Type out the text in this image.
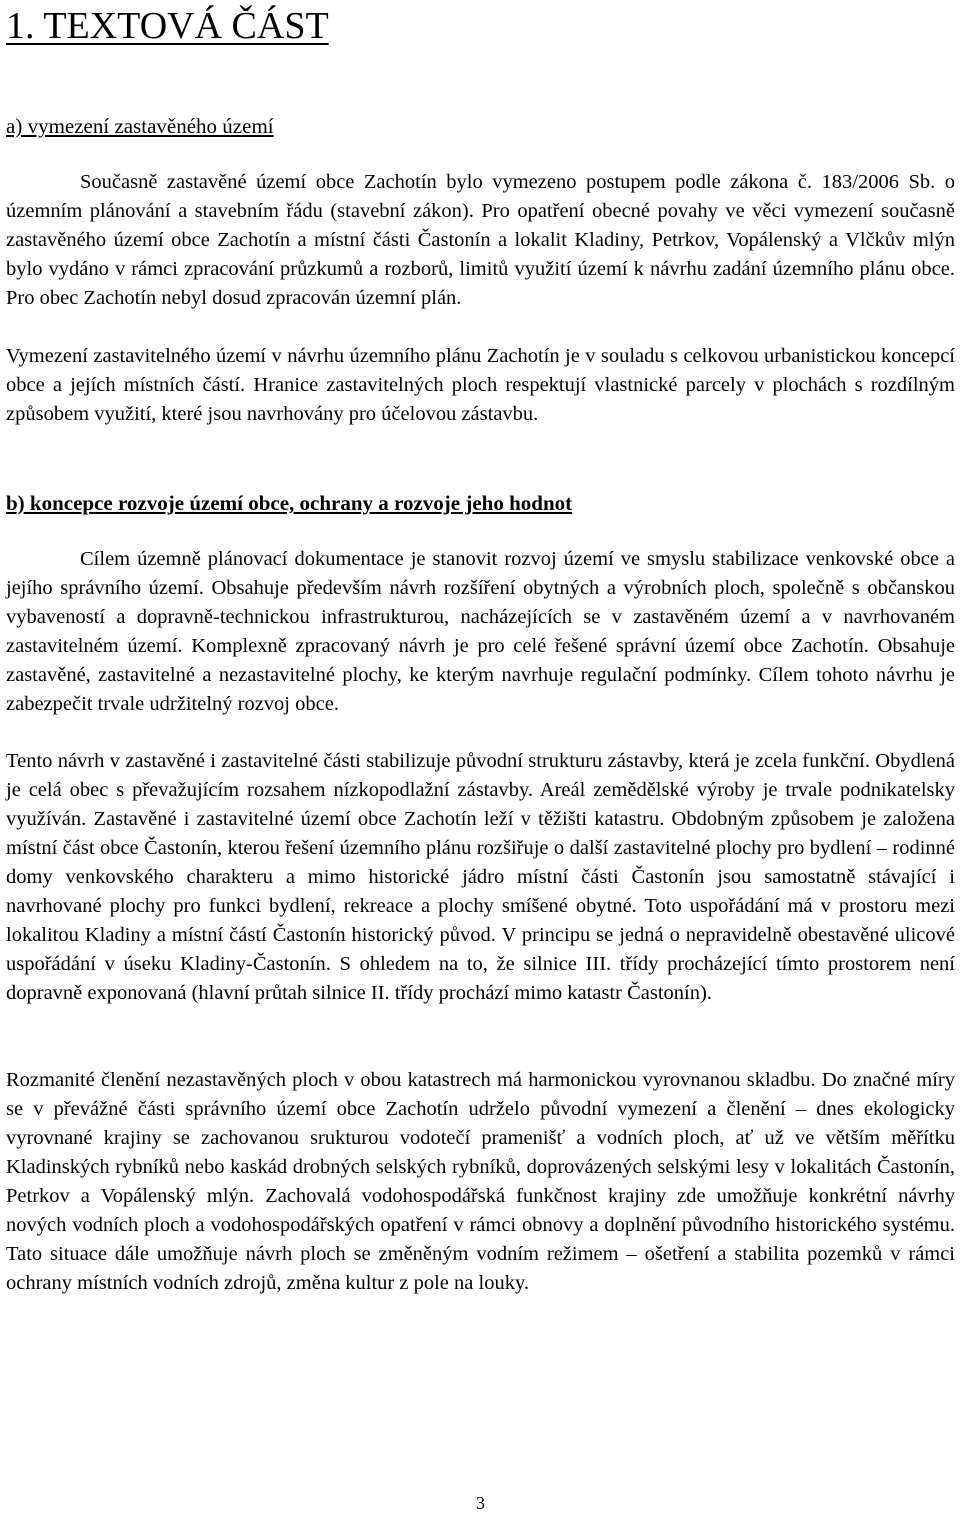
1. TEXTOVÁ ČÁST
a) vymezení zastavěného území

Současně zastavěné území obce Zachotín bylo vymezeno postupem podle zákona č. 183/2006 Sb. o územním plánování a stavebním řádu (stavební zákon). Pro opatření obecné povahy ve věci vymezení současně zastavěného území obce Zachotín a místní části Častonín a lokalit Kladiny, Petrkov, Vopálenský a Vlčkův mlýn bylo vydáno v rámci zpracování průzkumů a rozborů, limitů využití území k návrhu zadání územního plánu obce. Pro obec Zachotín nebyl dosud zpracován územní plán.

Vymezení zastavitelného území v návrhu územního plánu Zachotín je v souladu s celkovou urbanistickou koncepcí obce a jejích místních částí. Hranice zastavitelných ploch respektují vlastnické parcely v plochách s rozdílným způsobem využití, které jsou navrhovány pro účelovou zástavbu.

b) koncepce rozvoje území obce, ochrany a rozvoje jeho hodnot

Cílem územně plánovací dokumentace je stanovit rozvoj území ve smyslu stabilizace venkovské obce a jejího správního území. Obsahuje především návrh rozšíření obytných a výrobních ploch, společně s občanskou vybaveností a dopravně-technickou infrastrukturou, nacházejících se v zastavěném území a v navrhovaném zastavitelném území. Komplexně zpracovaný návrh je pro celé řešené správní území obce Zachotín. Obsahuje zastavěné, zastavitelné a nezastavitelné plochy, ke kterým navrhuje regulační podmínky. Cílem tohoto návrhu je zabezpečit trvale udržitelný rozvoj obce.

Tento návrh v zastavěné i zastavitelné části stabilizuje původní strukturu zástavby, která je zcela funkční. Obydlená je celá obec s převažujícím rozsahem nízkopodlažní zástavby. Areál zemědělské výroby je trvale podnikatelsky využíván. Zastavěné i zastavitelné území obce Zachotín leží v těžišti katastru. Obdobným způsobem je založena místní část obce Častonín, kterou řešení územního plánu rozšiřuje o další zastavitelné plochy pro bydlení – rodinné domy venkovského charakteru a mimo historické jádro místní části Častonín jsou samostatně stávající i navrhované plochy pro funkci bydlení, rekreace a plochy smíšené obytné. Toto uspořádání má v prostoru mezi lokalitou Kladiny a místní částí Častonín historický původ. V principu se jedná o nepravidelně obestavěné ulicové uspořádání v úseku Kladiny-Častonín. S ohledem na to, že silnice III. třídy procházející tímto prostorem není dopravně exponovaná (hlavní průtah silnice II. třídy prochází mimo katastr Častonín).

Rozmanité členění nezastavěných ploch v obou katastrech má harmonickou vyrovnanou skladbu. Do značné míry se v převážné části správního území obce Zachotín udrželo původní vymezení a členění – dnes ekologicky vyrovnané krajiny se zachovanou srukturou vodotečí pramenišť a vodních ploch, ať už ve větším měřítku Kladinských rybníků nebo kaskád drobných selských rybníků, doprovázených selskými lesy v lokalitách Častonín, Petrkov a Vopálenský mlýn. Zachovalá vodohospodářská funkčnost krajiny zde umožňuje konkrétní návrhy nových vodních ploch a vodohospodářských opatření v rámci obnovy a doplnění původního historického systému. Tato situace dále umožňuje návrh ploch se změněným vodním režimem – ošetření a stabilita pozemků v rámci ochrany místních vodních zdrojů, změna kultur z pole na louky.

3
